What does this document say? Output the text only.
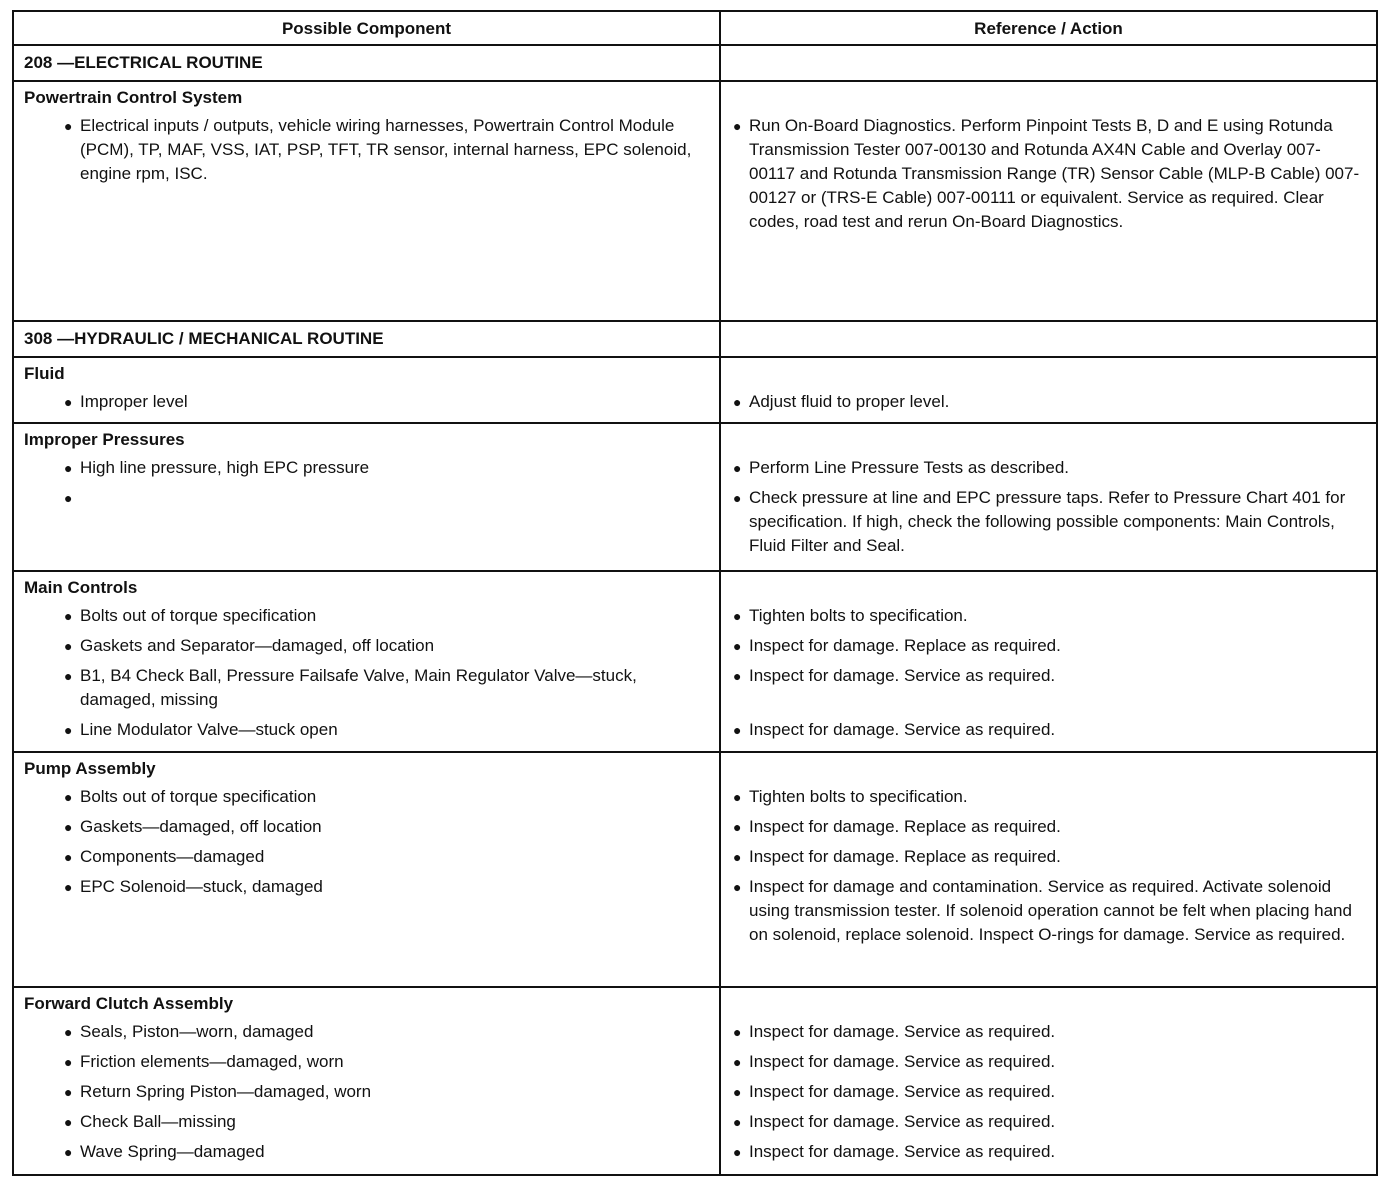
Possible Component	Reference / Action
208 —ELECTRICAL ROUTINE
Powertrain Control System
● Electrical inputs / outputs, vehicle wiring harnesses, Powertrain Control Module (PCM), TP, MAF, VSS, IAT, PSP, TFT, TR sensor, internal harness, EPC solenoid, engine rpm, ISC.
● Run On-Board Diagnostics. Perform Pinpoint Tests B, D and E using Rotunda Transmission Tester 007-00130 and Rotunda AX4N Cable and Overlay 007-00117 and Rotunda Transmission Range (TR) Sensor Cable (MLP-B Cable) 007-00127 or (TRS-E Cable) 007-00111 or equivalent. Service as required. Clear codes, road test and rerun On-Board Diagnostics.
308 —HYDRAULIC / MECHANICAL ROUTINE
Fluid
● Improper level	● Adjust fluid to proper level.
Improper Pressures
● High line pressure, high EPC pressure
●
● Perform Line Pressure Tests as described.
● Check pressure at line and EPC pressure taps. Refer to Pressure Chart 401 for specification. If high, check the following possible components: Main Controls, Fluid Filter and Seal.
Main Controls
● Bolts out of torque specification
● Gaskets and Separator—damaged, off location
● B1, B4 Check Ball, Pressure Failsafe Valve, Main Regulator Valve—stuck, damaged, missing
● Line Modulator Valve—stuck open
● Tighten bolts to specification.
● Inspect for damage. Replace as required.
● Inspect for damage. Service as required.
● Inspect for damage. Service as required.
Pump Assembly
● Bolts out of torque specification
● Gaskets—damaged, off location
● Components—damaged
● EPC Solenoid—stuck, damaged
● Tighten bolts to specification.
● Inspect for damage. Replace as required.
● Inspect for damage. Replace as required.
● Inspect for damage and contamination. Service as required. Activate solenoid using transmission tester. If solenoid operation cannot be felt when placing hand on solenoid, replace solenoid. Inspect O-rings for damage. Service as required.
Forward Clutch Assembly
● Seals, Piston—worn, damaged
● Friction elements—damaged, worn
● Return Spring Piston—damaged, worn
● Check Ball—missing
● Wave Spring—damaged
● Inspect for damage. Service as required.
● Inspect for damage. Service as required.
● Inspect for damage. Service as required.
● Inspect for damage. Service as required.
● Inspect for damage. Service as required.
